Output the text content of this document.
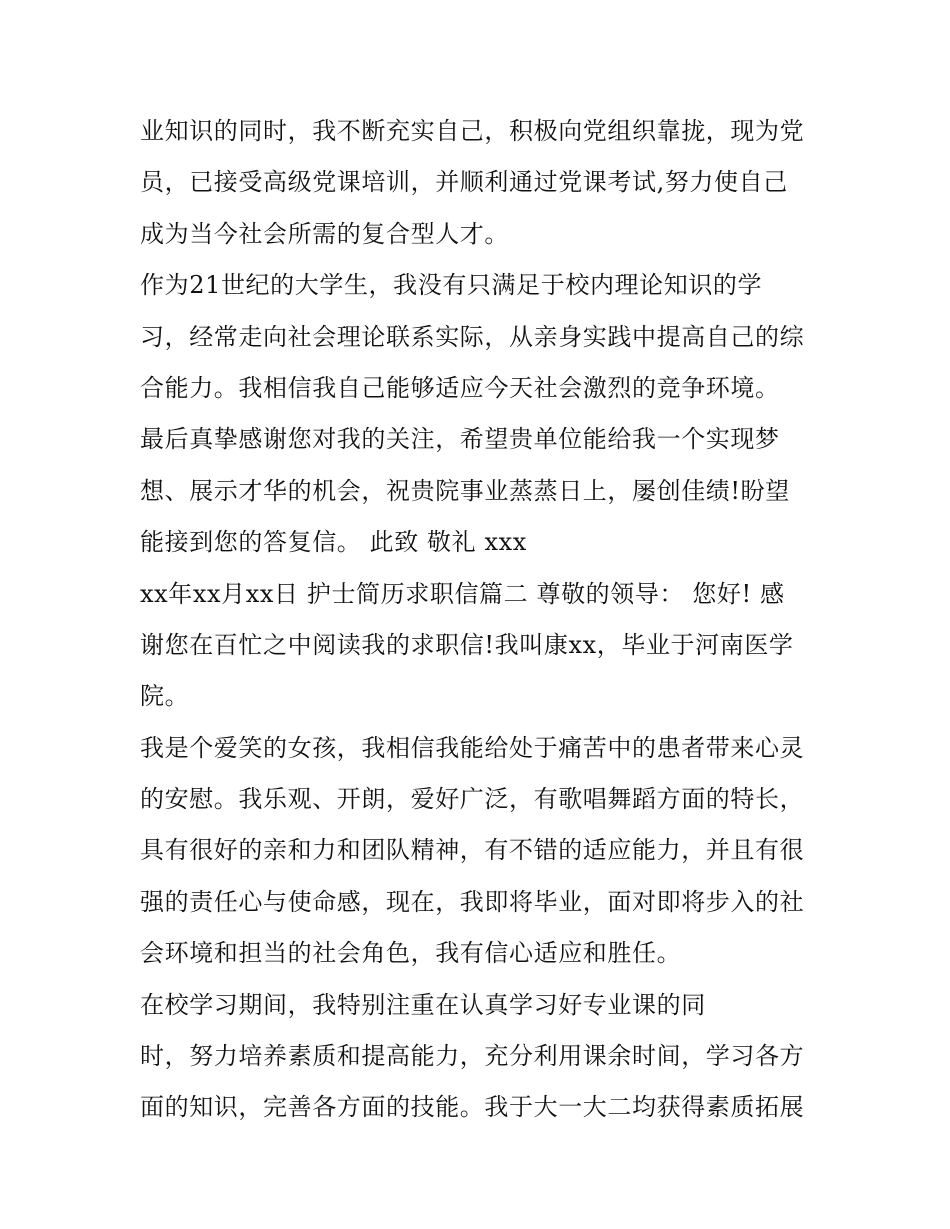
业知识的同时，我不断充实自己，积极向党组织靠拢，现为党
员，已接受高级党课培训，并顺利通过党课考试,努力使自己
成为当今社会所需的复合型人才。
作为21世纪的大学生，我没有只满足于校内理论知识的学
习，经常走向社会理论联系实际，从亲身实践中提高自己的综
合能力。我相信我自己能够适应今天社会激烈的竞争环境。
最后真挚感谢您对我的关注，希望贵单位能给我一个实现梦
想、展示才华的机会，祝贵院事业蒸蒸日上，屡创佳绩!盼望
能接到您的答复信。 此致 敬礼 xxx
xx年xx月xx日 护士简历求职信篇二 尊敬的领导： 您好! 感
谢您在百忙之中阅读我的求职信!我叫康xx，毕业于河南医学
院。
我是个爱笑的女孩，我相信我能给处于痛苦中的患者带来心灵
的安慰。我乐观、开朗，爱好广泛，有歌唱舞蹈方面的特长，
具有很好的亲和力和团队精神，有不错的适应能力，并且有很
强的责任心与使命感，现在，我即将毕业，面对即将步入的社
会环境和担当的社会角色，我有信心适应和胜任。
在校学习期间，我特别注重在认真学习好专业课的同
时，努力培养素质和提高能力，充分利用课余时间，学习各方
面的知识，完善各方面的技能。我于大一大二均获得素质拓展
